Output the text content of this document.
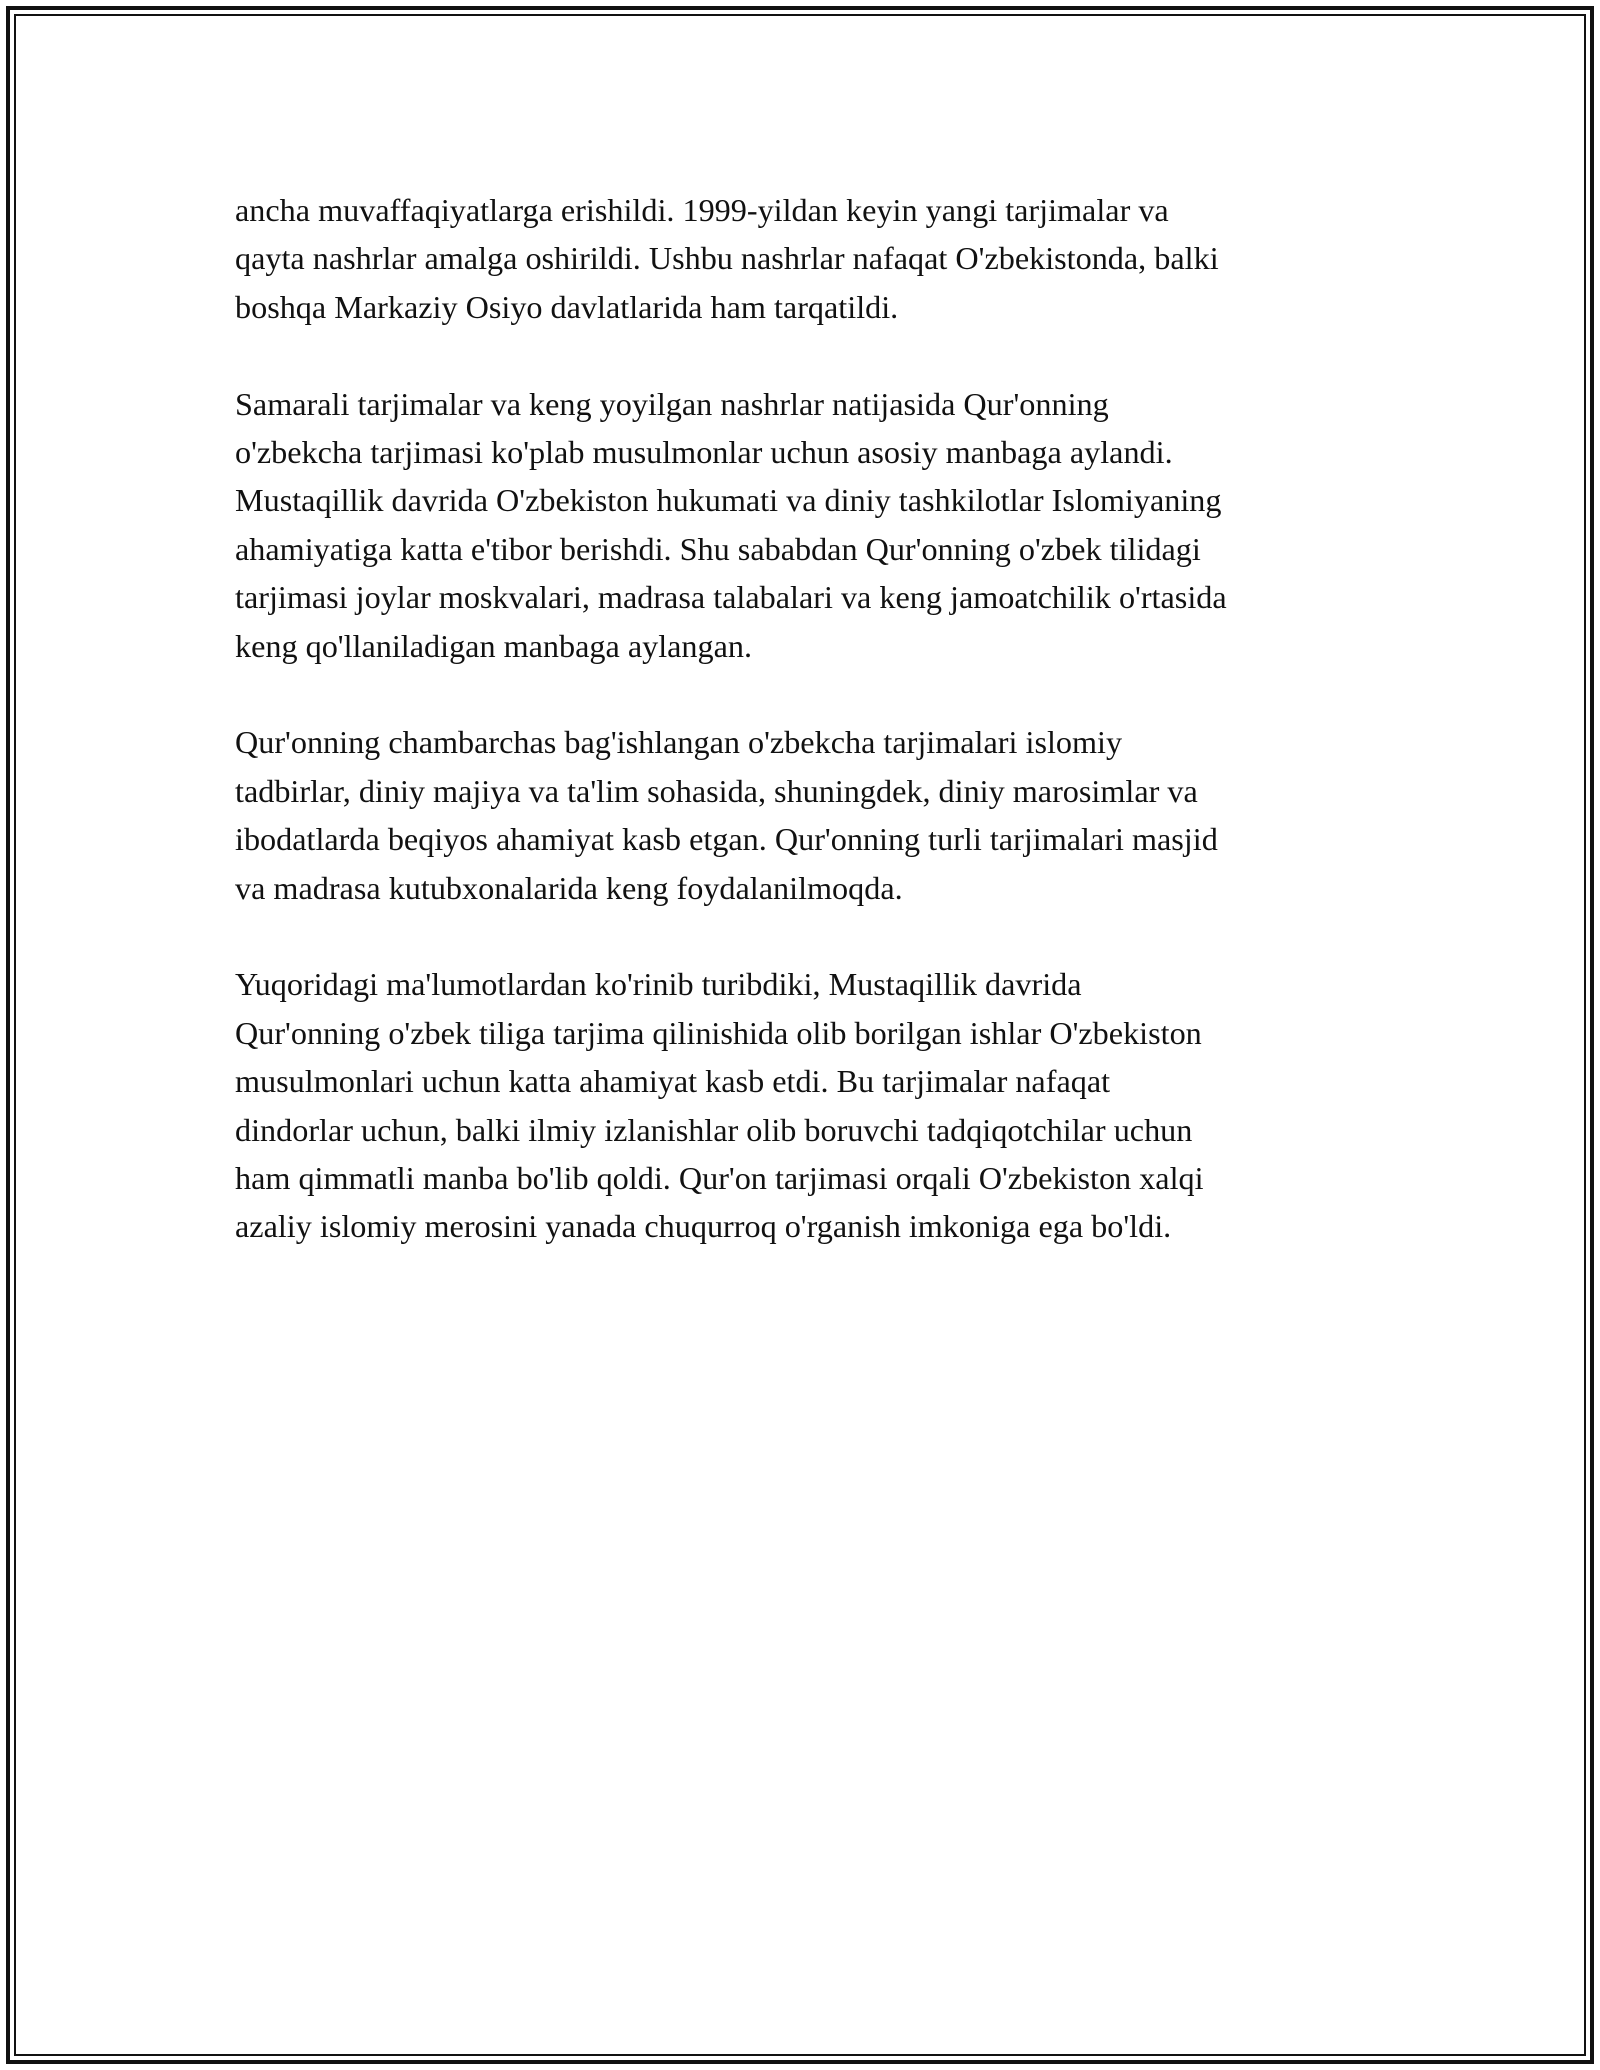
ancha muvaffaqiyatlarga erishildi. 1999-yildan keyin yangi tarjimalar va
qayta nashrlar amalga oshirildi. Ushbu nashrlar nafaqat O'zbekistonda, balki
boshqa Markaziy Osiyo davlatlarida ham tarqatildi.

Samarali tarjimalar va keng yoyilgan nashrlar natijasida Qur'onning
o'zbekcha tarjimasi ko'plab musulmonlar uchun asosiy manbaga aylandi.
Mustaqillik davrida O'zbekiston hukumati va diniy tashkilotlar Islomiyaning
ahamiyatiga katta e'tibor berishdi. Shu sababdan Qur'onning o'zbek tilidagi
tarjimasi joylar moskvalari, madrasa talabalari va keng jamoatchilik o'rtasida
keng qo'llaniladigan manbaga aylangan.

Qur'onning chambarchas bag'ishlangan o'zbekcha tarjimalari islomiy
tadbirlar, diniy majiya va ta'lim sohasida, shuningdek, diniy marosimlar va
ibodatlarda beqiyos ahamiyat kasb etgan. Qur'onning turli tarjimalari masjid
va madrasa kutubxonalarida keng foydalanilmoqda.

Yuqoridagi ma'lumotlardan ko'rinib turibdiki, Mustaqillik davrida
Qur'onning o'zbek tiliga tarjima qilinishida olib borilgan ishlar O'zbekiston
musulmonlari uchun katta ahamiyat kasb etdi. Bu tarjimalar nafaqat
dindorlar uchun, balki ilmiy izlanishlar olib boruvchi tadqiqotchilar uchun
ham qimmatli manba bo'lib qoldi. Qur'on tarjimasi orqali O'zbekiston xalqi
azaliy islomiy merosini yanada chuqurroq o'rganish imkoniga ega bo'ldi.
